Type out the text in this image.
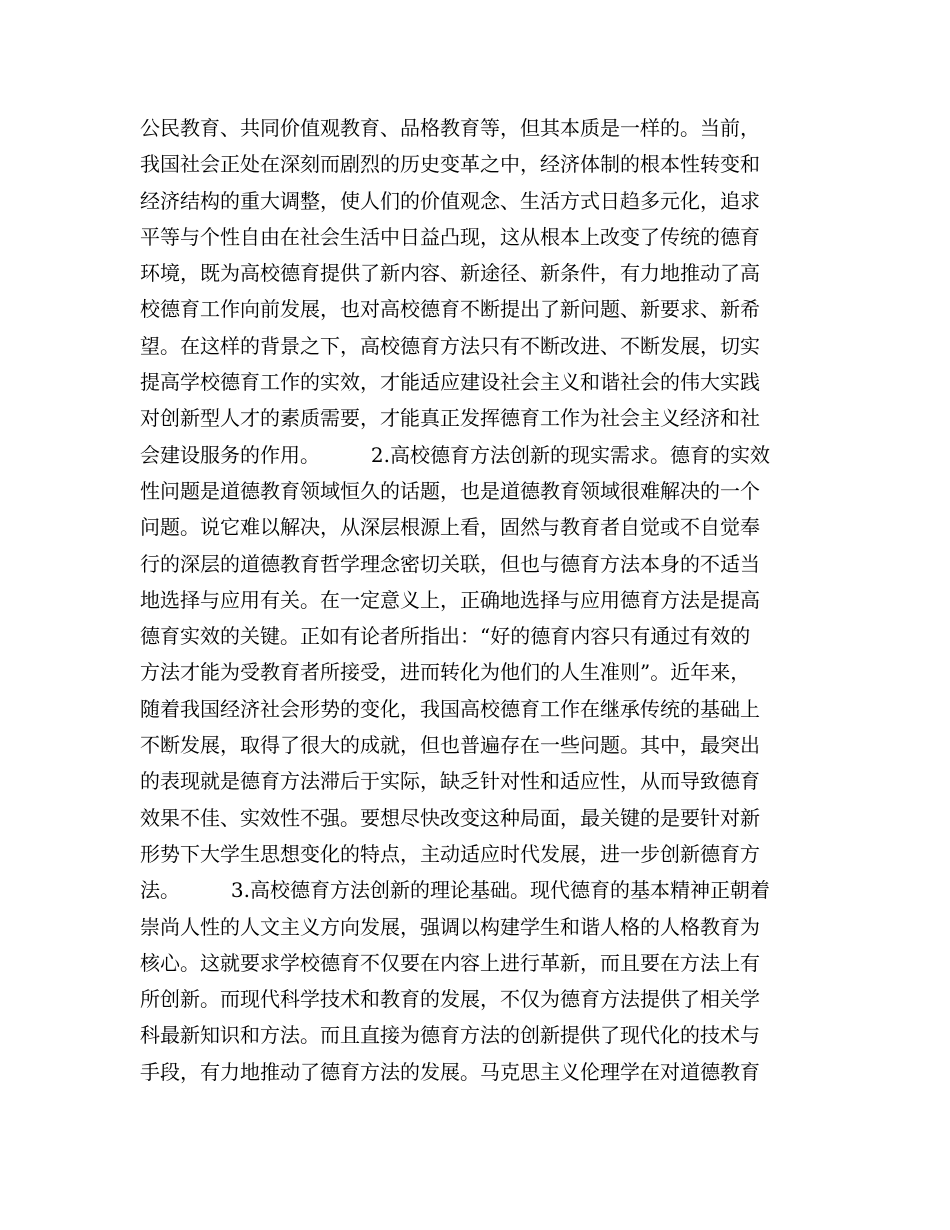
公民教育、共同价值观教育、品格教育等，但其本质是一样的。当前，
我国社会正处在深刻而剧烈的历史变革之中，经济体制的根本性转变和
经济结构的重大调整，使人们的价值观念、生活方式日趋多元化，追求
平等与个性自由在社会生活中日益凸现，这从根本上改变了传统的德育
环境，既为高校德育提供了新内容、新途径、新条件，有力地推动了高
校德育工作向前发展，也对高校德育不断提出了新问题、新要求、新希
望。在这样的背景之下，高校德育方法只有不断改进、不断发展，切实
提高学校德育工作的实效，才能适应建设社会主义和谐社会的伟大实践
对创新型人才的素质需要，才能真正发挥德育工作为社会主义经济和社
会建设服务的作用。        2.高校德育方法创新的现实需求。德育的实效
性问题是道德教育领域恒久的话题，也是道德教育领域很难解决的一个
问题。说它难以解决，从深层根源上看，固然与教育者自觉或不自觉奉
行的深层的道德教育哲学理念密切关联，但也与德育方法本身的不适当
地选择与应用有关。在一定意义上，正确地选择与应用德育方法是提高
德育实效的关键。正如有论者所指出：“好的德育内容只有通过有效的
方法才能为受教育者所接受，进而转化为他们的人生准则”。近年来，
随着我国经济社会形势的变化，我国高校德育工作在继承传统的基础上
不断发展，取得了很大的成就，但也普遍存在一些问题。其中，最突出
的表现就是德育方法滞后于实际，缺乏针对性和适应性，从而导致德育
效果不佳、实效性不强。要想尽快改变这种局面，最关键的是要针对新
形势下大学生思想变化的特点，主动适应时代发展，进一步创新德育方
法。        3.高校德育方法创新的理论基础。现代德育的基本精神正朝着
崇尚人性的人文主义方向发展，强调以构建学生和谐人格的人格教育为
核心。这就要求学校德育不仅要在内容上进行革新，而且要在方法上有
所创新。而现代科学技术和教育的发展，不仅为德育方法提供了相关学
科最新知识和方法。而且直接为德育方法的创新提供了现代化的技术与
手段，有力地推动了德育方法的发展。马克思主义伦理学在对道德教育
